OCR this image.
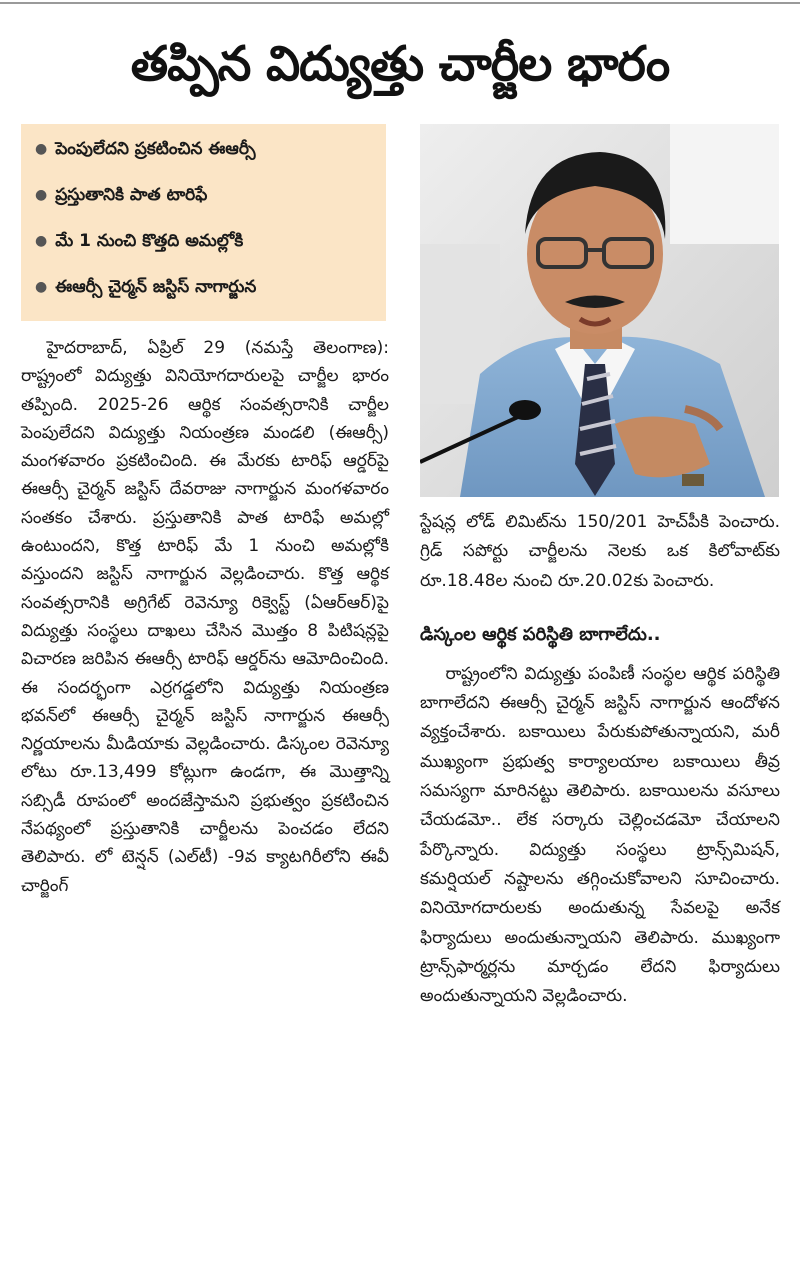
తప్పిన విద్యుత్తు చార్జీల భారం
● పెంపులేదని ప్రకటించిన ఈఆర్సీ
● ప్రస్తుతానికి పాత టారిఫే
● మే 1 నుంచి కొత్తది అమల్లోకి
● ఈఆర్సీ చైర్మన్ జస్టిస్ నాగార్జున

హైదరాబాద్, ఏప్రిల్ 29 (నమస్తే తెలంగాణ): రాష్ట్రంలో విద్యుత్తు వినియోగదారులపై చార్జీల భారం తప్పింది. 2025-26 ఆర్థిక సంవత్సరానికి చార్జీల పెంపులేదని విద్యుత్తు నియంత్రణ మండలి (ఈఆర్సీ) మంగళవారం ప్రకటించింది. ఈ మేరకు టారిఫ్ ఆర్డర్‌పై ఈఆర్సీ చైర్మన్ జస్టిస్ దేవరాజు నాగార్జున మంగళవారం సంతకం చేశారు. ప్రస్తుతానికి పాత టారిఫే అమల్లో ఉంటుందని, కొత్త టారిఫ్ మే 1 నుంచి అమల్లోకి వస్తుందని జస్టిస్ నాగార్జున వెల్లడించారు. కొత్త ఆర్థిక సంవత్సరానికి అగ్రిగేట్ రెవెన్యూ రిక్వెస్ట్ (ఏఆర్ఆర్)పై విద్యుత్తు సంస్థలు దాఖలు చేసిన మొత్తం 8 పిటిషన్లపై విచారణ జరిపిన ఈఆర్సీ టారిఫ్ ఆర్డర్‌ను ఆమోదించింది. ఈ సందర్భంగా ఎర్రగడ్డలోని విద్యుత్తు నియంత్రణ భవన్‌లో ఈఆర్సీ చైర్మన్ జస్టిస్ నాగార్జున ఈఆర్సీ నిర్ణయాలను మీడియాకు వెల్లడించారు. డిస్కంల రెవెన్యూ లోటు రూ.13,499 కోట్లుగా ఉండగా, ఈ మొత్తాన్ని సబ్సిడీ రూపంలో అందజేస్తామని ప్రభుత్వం ప్రకటించిన నేపథ్యంలో ప్రస్తుతానికి చార్జీలను పెంచడం లేదని తెలిపారు. లో టెన్షన్ (ఎల్‌టీ) -9వ క్యాటగిరీలోని ఈవీ చార్జింగ్

స్టేషన్ల లోడ్ లిమిట్‌ను 150/201 హెచ్‌పీకి పెంచారు. గ్రిడ్ సపోర్టు చార్జీలను నెలకు ఒక కిలోవాట్‌కు రూ.18.48ల నుంచి రూ.20.02కు పెంచారు.

డిస్కంల ఆర్థిక పరిస్థితి బాగాలేదు..

రాష్ట్రంలోని విద్యుత్తు పంపిణీ సంస్థల ఆర్థిక పరిస్థితి బాగాలేదని ఈఆర్సీ చైర్మన్ జస్టిస్ నాగార్జున ఆందోళన వ్యక్తంచేశారు. బకాయిలు పేరుకుపోతున్నాయని, మరీ ముఖ్యంగా ప్రభుత్వ కార్యాలయాల బకాయిలు తీవ్ర సమస్యగా మారినట్టు తెలిపారు. బకాయిలను వసూలు చేయడమో.. లేక సర్కారు చెల్లించడమో చేయాలని పేర్కొన్నారు. విద్యుత్తు సంస్థలు ట్రాన్స్‌మిషన్, కమర్షియల్ నష్టాలను తగ్గించుకోవాలని సూచించారు. వినియోగదారులకు అందుతున్న సేవలపై అనేక ఫిర్యాదులు అందుతున్నాయని తెలిపారు. ముఖ్యంగా ట్రాన్స్‌ఫార్మర్లను మార్చడం లేదని ఫిర్యాదులు అందుతున్నాయని వెల్లడించారు.
